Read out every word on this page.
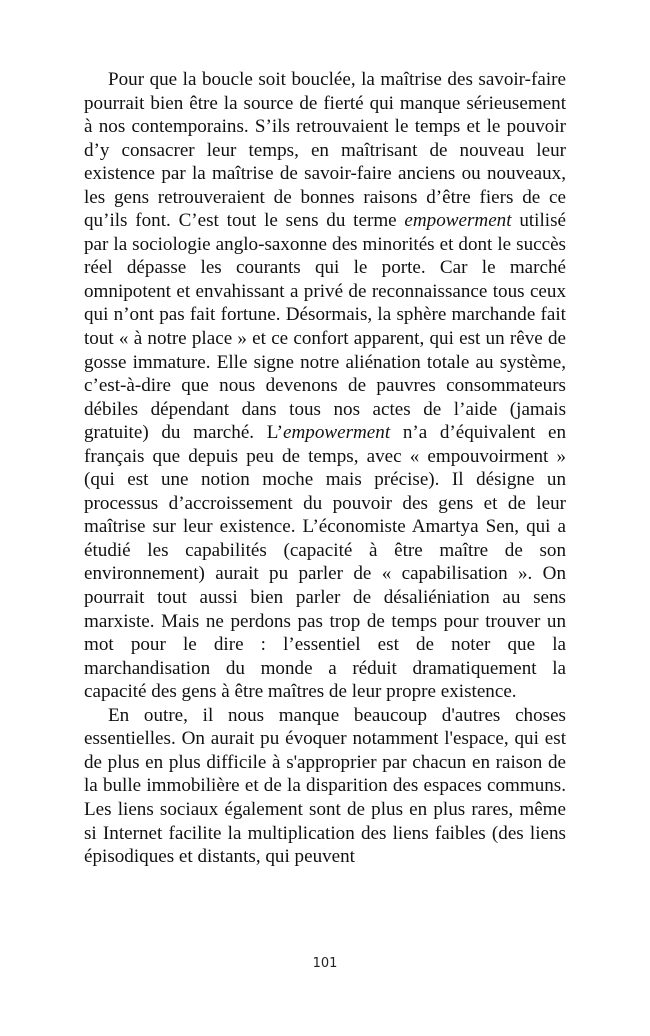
Pour que la boucle soit bouclée, la maîtrise des savoir-faire pourrait bien être la source de fierté qui manque sérieusement à nos contemporains. S’ils retrouvaient le temps et le pouvoir d’y consacrer leur temps, en maîtrisant de nouveau leur existence par la maîtrise de savoir-faire anciens ou nouveaux, les gens retrouveraient de bonnes raisons d’être fiers de ce qu’ils font. C’est tout le sens du terme empowerment utilisé par la sociologie anglo-saxonne des minorités et dont le succès réel dépasse les courants qui le porte. Car le marché omnipotent et envahissant a privé de reconnaissance tous ceux qui n’ont pas fait fortune. Désormais, la sphère marchande fait tout « à notre place » et ce confort apparent, qui est un rêve de gosse immature. Elle signe notre aliénation totale au système, c’est-à-dire que nous devenons de pauvres consommateurs débiles dépendant dans tous nos actes de l’aide (jamais gratuite) du marché. L’empowerment n’a d’équivalent en français que depuis peu de temps, avec « empouvoirment » (qui est une notion moche mais précise). Il désigne un processus d’accroissement du pouvoir des gens et de leur maîtrise sur leur existence. L’économiste Amartya Sen, qui a étudié les capabilités (capacité à être maître de son environnement) aurait pu parler de « capabilisation ». On pourrait tout aussi bien parler de désaliéniation au sens marxiste. Mais ne perdons pas trop de temps pour trouver un mot pour le dire : l’essentiel est de noter que la marchandisation du monde a réduit dramatiquement la capacité des gens à être maîtres de leur propre existence.

En outre, il nous manque beaucoup d'autres choses essentielles. On aurait pu évoquer notamment l'espace, qui est de plus en plus difficile à s'approprier par chacun en raison de la bulle immobilière et de la disparition des espaces communs. Les liens sociaux également sont de plus en plus rares, même si Internet facilite la multiplication des liens faibles (des liens épisodiques et distants, qui peuvent

101
